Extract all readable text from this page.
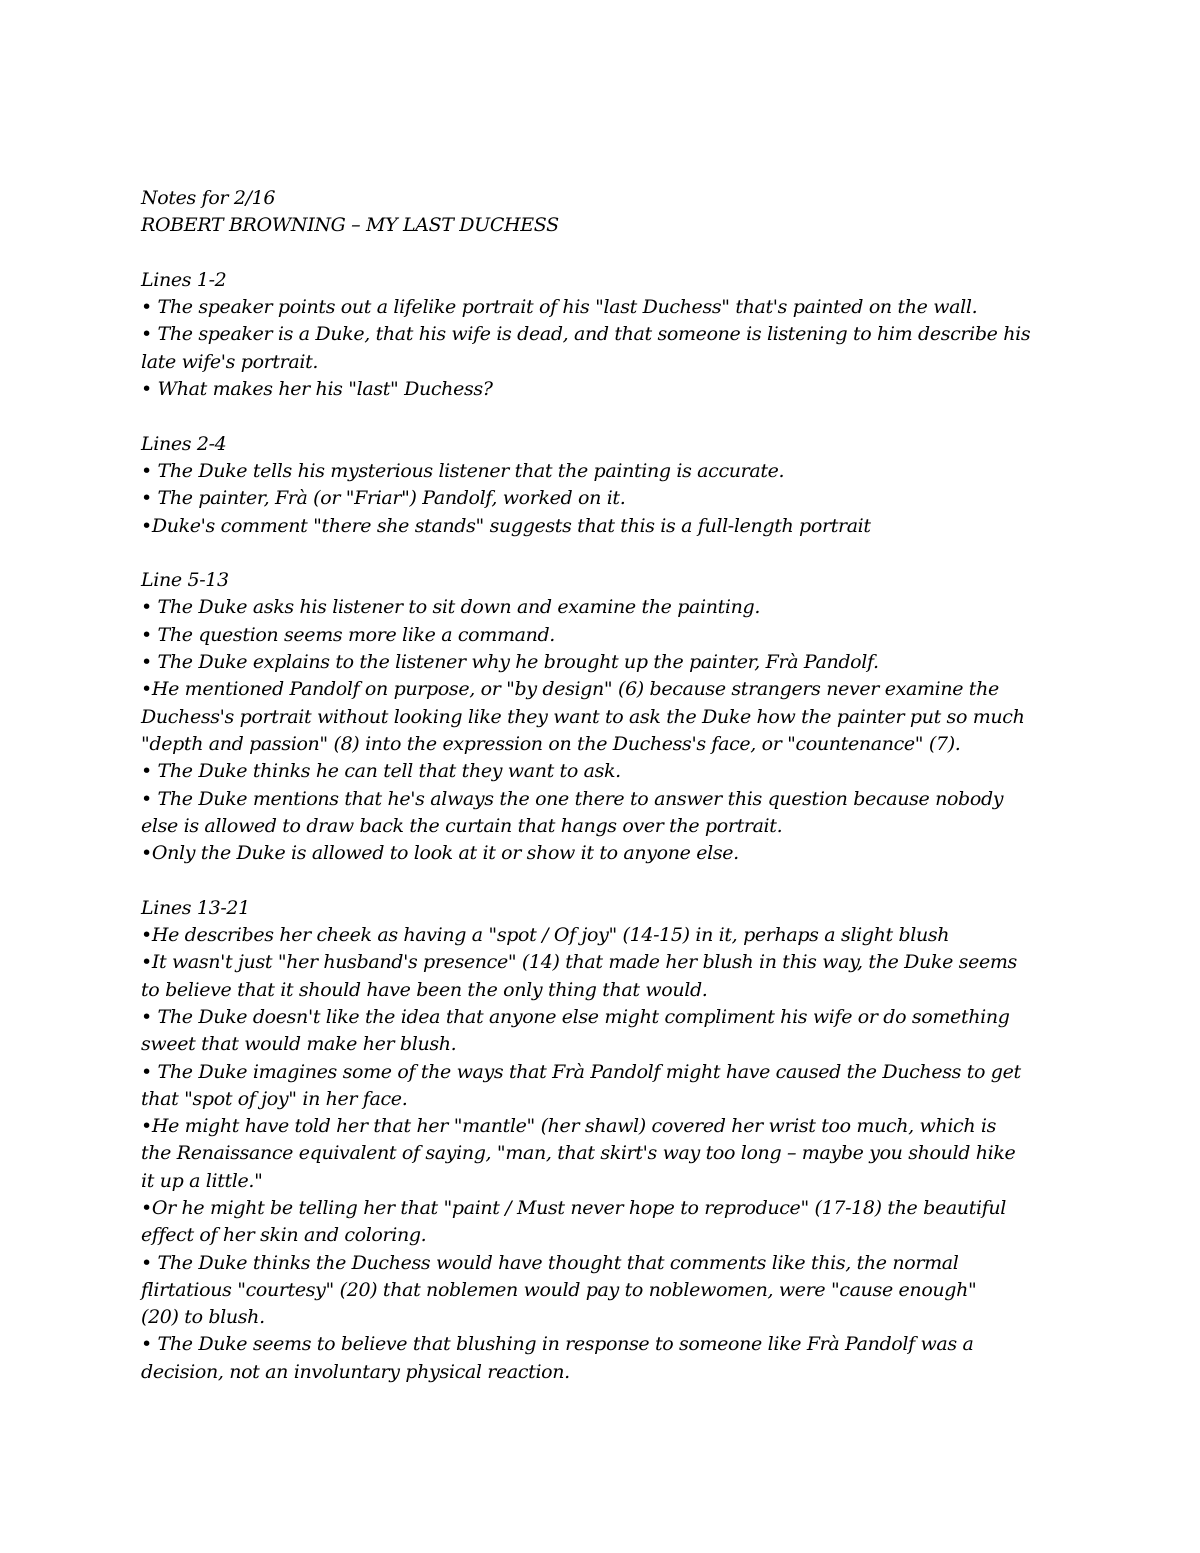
Notes for 2/16

ROBERT BROWNING – MY LAST DUCHESS

Lines 1-2

• The speaker points out a lifelike portrait of his "last Duchess" that's painted on the wall.

• The speaker is a Duke, that his wife is dead, and that someone is listening to him describe his

late wife's portrait.

• What makes her his "last" Duchess?

Lines 2-4

• The Duke tells his mysterious listener that the painting is accurate.

• The painter, Frà (or "Friar") Pandolf, worked on it.

•Duke's comment "there she stands" suggests that this is a full-length portrait

Line 5-13

• The Duke asks his listener to sit down and examine the painting.

• The question seems more like a command.

• The Duke explains to the listener why he brought up the painter, Frà Pandolf.

•He mentioned Pandolf on purpose, or "by design" (6) because strangers never examine the

Duchess's portrait without looking like they want to ask the Duke how the painter put so much

"depth and passion" (8) into the expression on the Duchess's face, or "countenance" (7).

• The Duke thinks he can tell that they want to ask.

• The Duke mentions that he's always the one there to answer this question because nobody

else is allowed to draw back the curtain that hangs over the portrait.

•Only the Duke is allowed to look at it or show it to anyone else.

Lines 13-21

•He describes her cheek as having a "spot / Of joy" (14-15) in it, perhaps a slight blush

•It wasn't just "her husband's presence" (14) that made her blush in this way, the Duke seems

to believe that it should have been the only thing that would.

• The Duke doesn't like the idea that anyone else might compliment his wife or do something

sweet that would make her blush.

• The Duke imagines some of the ways that Frà Pandolf might have caused the Duchess to get

that "spot of joy" in her face.

•He might have told her that her "mantle" (her shawl) covered her wrist too much, which is

the Renaissance equivalent of saying, "man, that skirt's way too long – maybe you should hike

it up a little."

•Or he might be telling her that "paint / Must never hope to reproduce" (17-18) the beautiful

effect of her skin and coloring.

• The Duke thinks the Duchess would have thought that comments like this, the normal

flirtatious "courtesy" (20) that noblemen would pay to noblewomen, were "cause enough"

(20) to blush.

• The Duke seems to believe that blushing in response to someone like Frà Pandolf was a

decision, not an involuntary physical reaction.
